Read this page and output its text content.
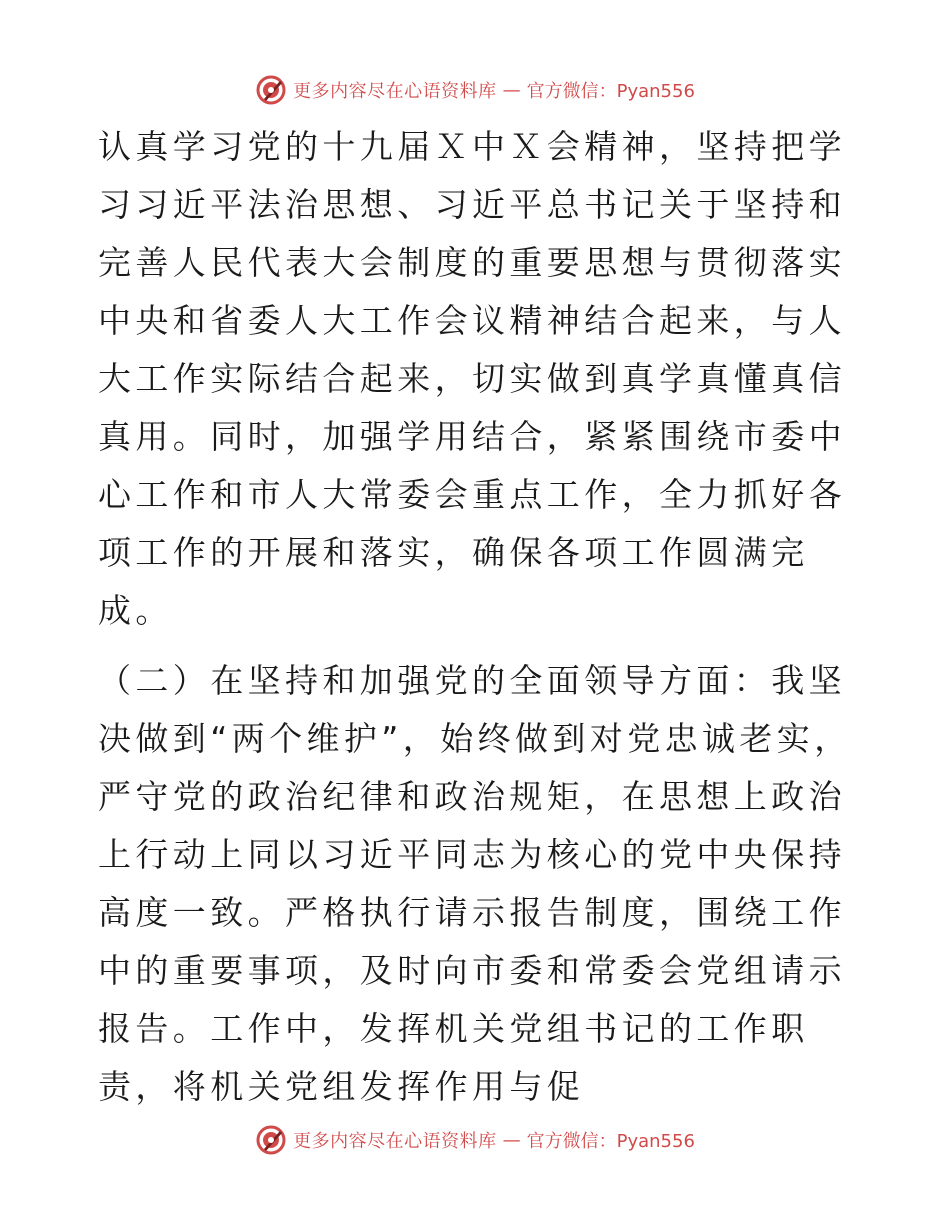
更多内容尽在心语资料库 — 官方微信：Pyan556

认真学习党的十九届Ｘ中Ｘ会精神，坚持把学习习近平法治思想、习近平总书记关于坚持和完善人民代表大会制度的重要思想与贯彻落实中央和省委人大工作会议精神结合起来，与人大工作实际结合起来，切实做到真学真懂真信真用。同时，加强学用结合，紧紧围绕市委中心工作和市人大常委会重点工作，全力抓好各项工作的开展和落实，确保各项工作圆满完成。

（二）在坚持和加强党的全面领导方面：我坚决做到“两个维护”，始终做到对党忠诚老实，严守党的政治纪律和政治规矩，在思想上政治上行动上同以习近平同志为核心的党中央保持高度一致。严格执行请示报告制度，围绕工作中的重要事项，及时向市委和常委会党组请示报告。工作中，发挥机关党组书记的工作职责，将机关党组发挥作用与促

更多内容尽在心语资料库 — 官方微信：Pyan556
